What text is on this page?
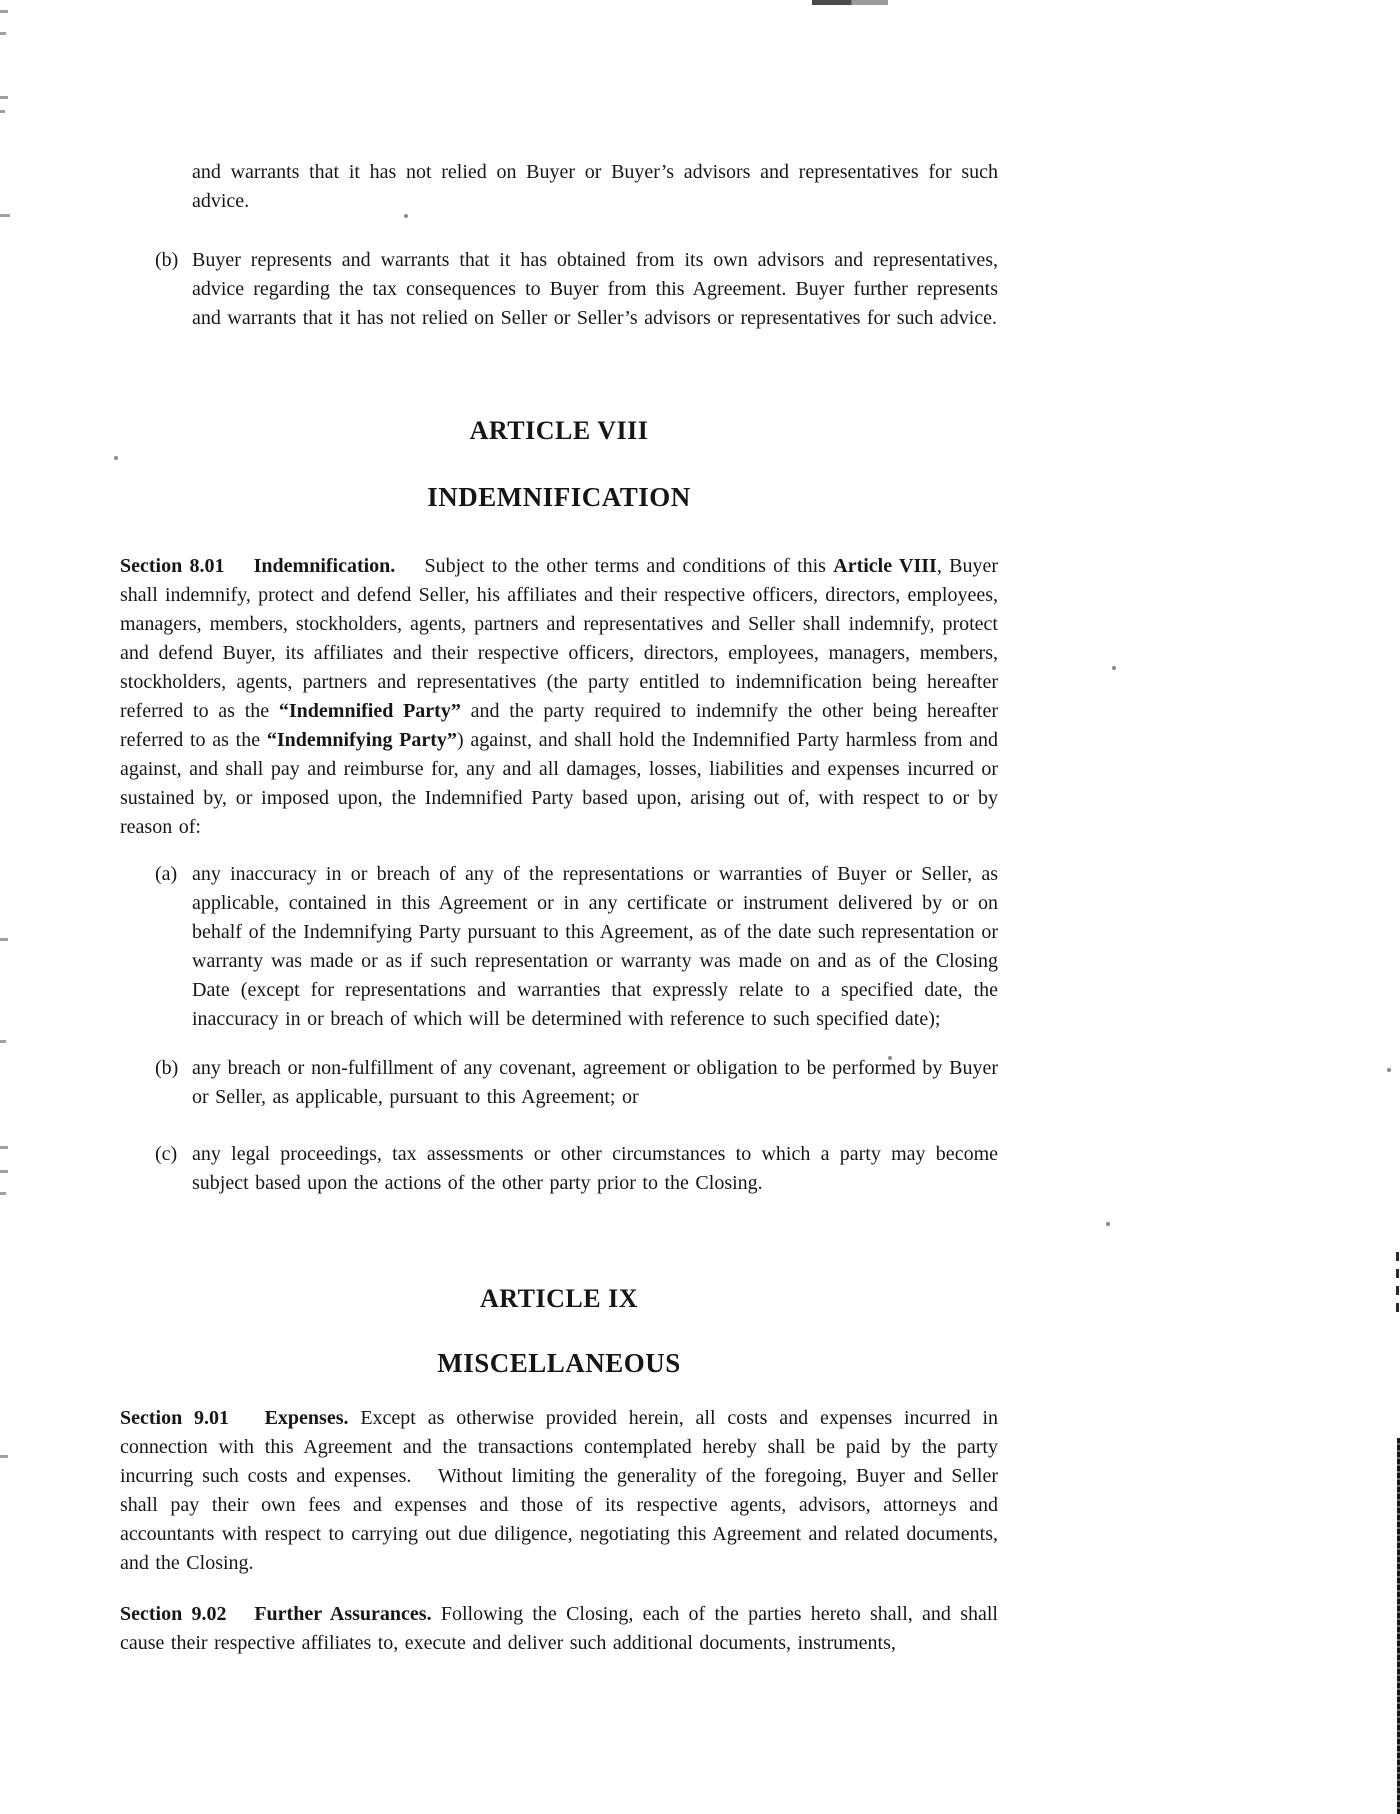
and warrants that it has not relied on Buyer or Buyer’s advisors and representatives for such advice.
(b) Buyer represents and warrants that it has obtained from its own advisors and representatives, advice regarding the tax consequences to Buyer from this Agreement. Buyer further represents and warrants that it has not relied on Seller or Seller’s advisors or representatives for such advice.
ARTICLE VIII
INDEMNIFICATION
Section 8.01    Indemnification.    Subject to the other terms and conditions of this Article VIII, Buyer shall indemnify, protect and defend Seller, his affiliates and their respective officers, directors, employees, managers, members, stockholders, agents, partners and representatives and Seller shall indemnify, protect and defend Buyer, its affiliates and their respective officers, directors, employees, managers, members, stockholders, agents, partners and representatives (the party entitled to indemnification being hereafter referred to as the “Indemnified Party” and the party required to indemnify the other being hereafter referred to as the “Indemnifying Party”) against, and shall hold the Indemnified Party harmless from and against, and shall pay and reimburse for, any and all damages, losses, liabilities and expenses incurred or sustained by, or imposed upon, the Indemnified Party based upon, arising out of, with respect to or by reason of:
(a) any inaccuracy in or breach of any of the representations or warranties of Buyer or Seller, as applicable, contained in this Agreement or in any certificate or instrument delivered by or on behalf of the Indemnifying Party pursuant to this Agreement, as of the date such representation or warranty was made or as if such representation or warranty was made on and as of the Closing Date (except for representations and warranties that expressly relate to a specified date, the inaccuracy in or breach of which will be determined with reference to such specified date);
(b) any breach or non-fulfillment of any covenant, agreement or obligation to be performed by Buyer or Seller, as applicable, pursuant to this Agreement; or
(c) any legal proceedings, tax assessments or other circumstances to which a party may become subject based upon the actions of the other party prior to the Closing.
ARTICLE IX
MISCELLANEOUS
Section 9.01   Expenses. Except as otherwise provided herein, all costs and expenses incurred in connection with this Agreement and the transactions contemplated hereby shall be paid by the party incurring such costs and expenses.   Without limiting the generality of the foregoing, Buyer and Seller shall pay their own fees and expenses and those of its respective agents, advisors, attorneys and accountants with respect to carrying out due diligence, negotiating this Agreement and related documents, and the Closing.
Section 9.02   Further Assurances. Following the Closing, each of the parties hereto shall, and shall cause their respective affiliates to, execute and deliver such additional documents, instruments,
